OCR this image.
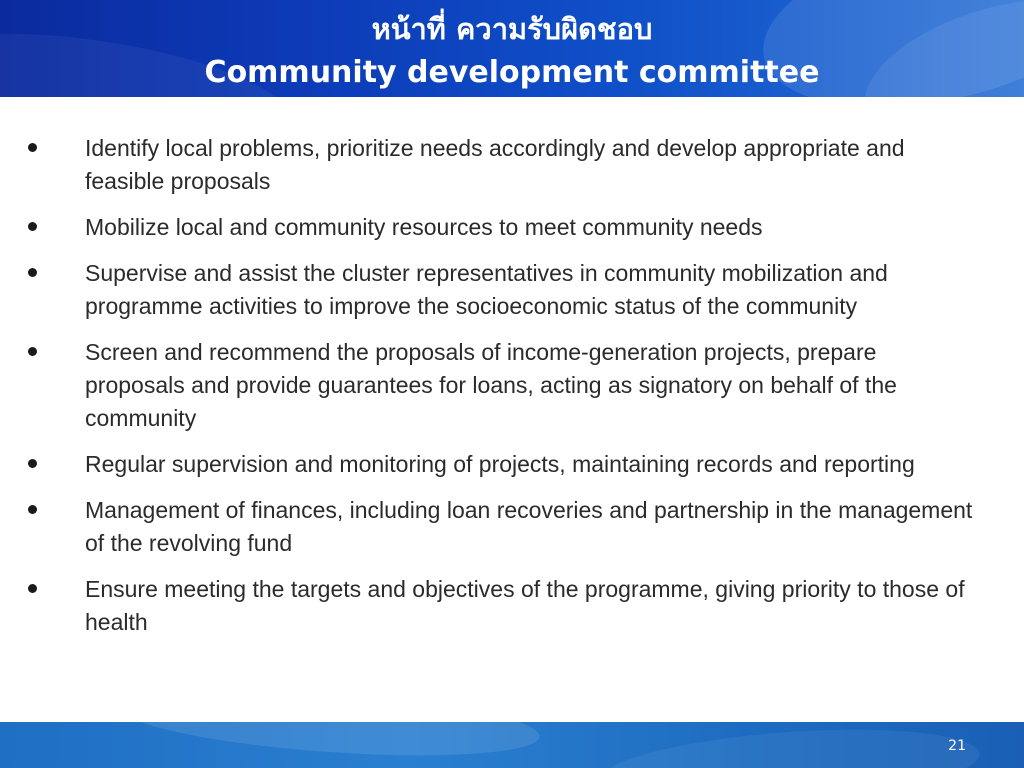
หน้าที่ ความรับผิดชอบ
Community development committee
Identify local problems, prioritize needs accordingly and develop appropriate and feasible proposals
Mobilize local and community resources to meet community needs
Supervise and assist the cluster representatives in community mobilization and programme activities to improve the socioeconomic status of the community
Screen and recommend the proposals of income-generation projects, prepare proposals and provide guarantees for loans, acting as signatory on behalf of the community
Regular supervision and monitoring of projects, maintaining records and reporting
Management of finances, including loan recoveries and partnership in the management of the revolving fund
Ensure meeting the targets and objectives of the programme, giving priority to those of health
21
